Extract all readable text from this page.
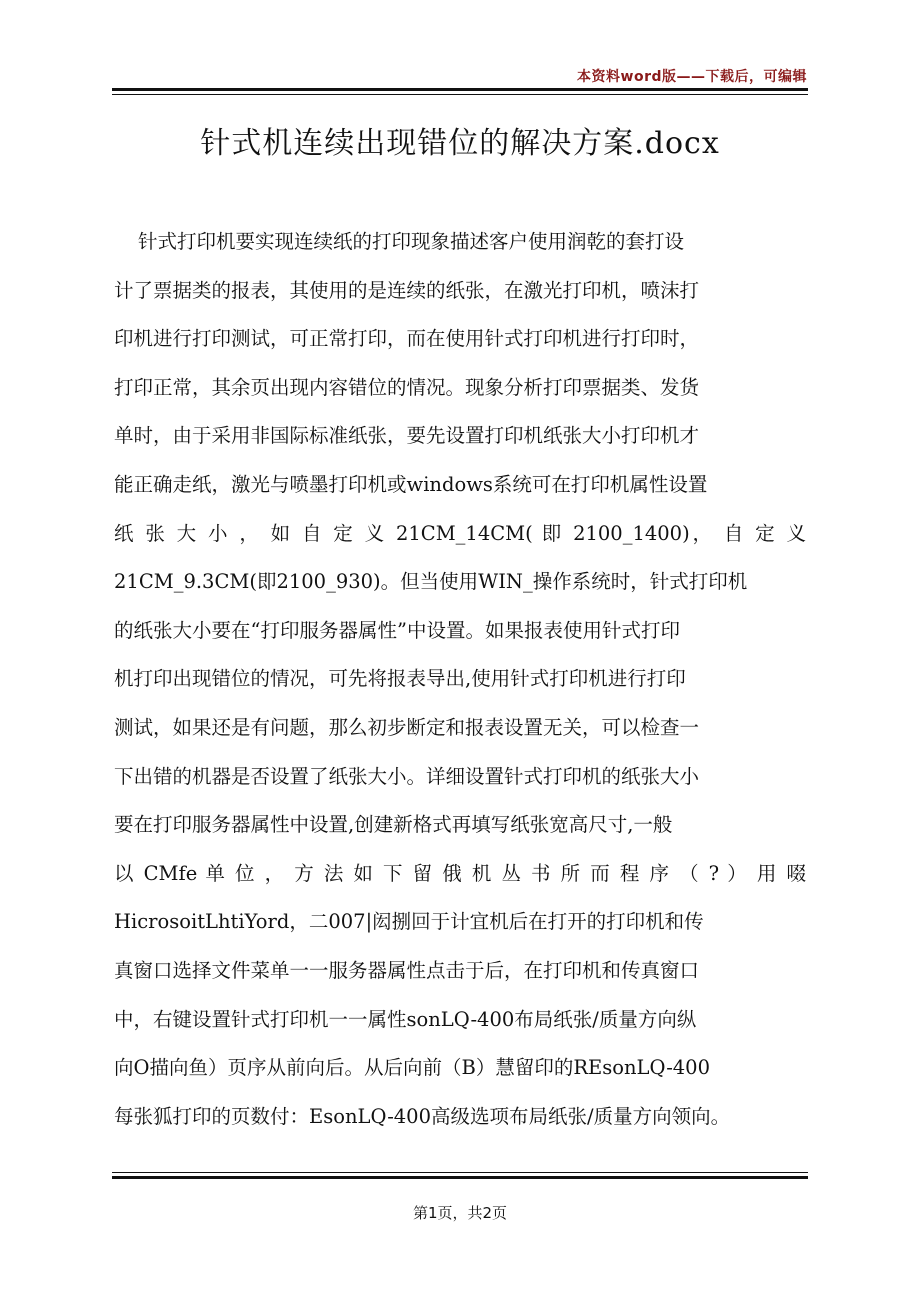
本资料word版——下载后，可编辑
针式机连续出现错位的解决方案.docx
针式打印机要实现连续纸的打印现象描述客户使用润乾的套打设
计了票据类的报表，其使用的是连续的纸张，在激光打印机，喷沫打
印机进行打印测试，可正常打印，而在使用针式打印机进行打印时，
打印正常，其余页出现内容错位的情况。现象分析打印票据类、发货
单时，由于采用非国际标准纸张，要先设置打印机纸张大小打印机才
能正确走纸，激光与喷墨打印机或windows系统可在打印机属性设置
纸 张 大 小 ， 如 自 定 义 21CM_14CM( 即 2100_1400)， 自 定 义
21CM_9.3CM(即2100_930)。但当使用WIN_操作系统时，针式打印机
的纸张大小要在“打印服务器属性”中设置。如果报表使用针式打印
机打印出现错位的情况，可先将报表导出,使用针式打印机进行打印
测试，如果还是有问题，那么初步断定和报表设置无关，可以检查一
下出错的机器是否设置了纸张大小。详细设置针式打印机的纸张大小
要在打印服务器属性中设置,创建新格式再填写纸张宽高尺寸,一般
以 CMfe 单 位 ， 方 法 如 下 留 俄 机 丛 书 所 而 程 序 （ ? ） 用 啜
HicrosoitLhtiYord，二007|闳捌回于计宜机后在打开的打印机和传
真窗口选择文件菜单一一服务器属性点击于后，在打印机和传真窗口
中，右键设置针式打印机一一属性sonLQ-400布局纸张/质量方向纵
向O描向鱼）页序从前向后。从后向前（B）慧留印的REsonLQ-400
每张狐打印的页数付：EsonLQ-400高级选项布局纸张/质量方向领向。
第1页，共2页
